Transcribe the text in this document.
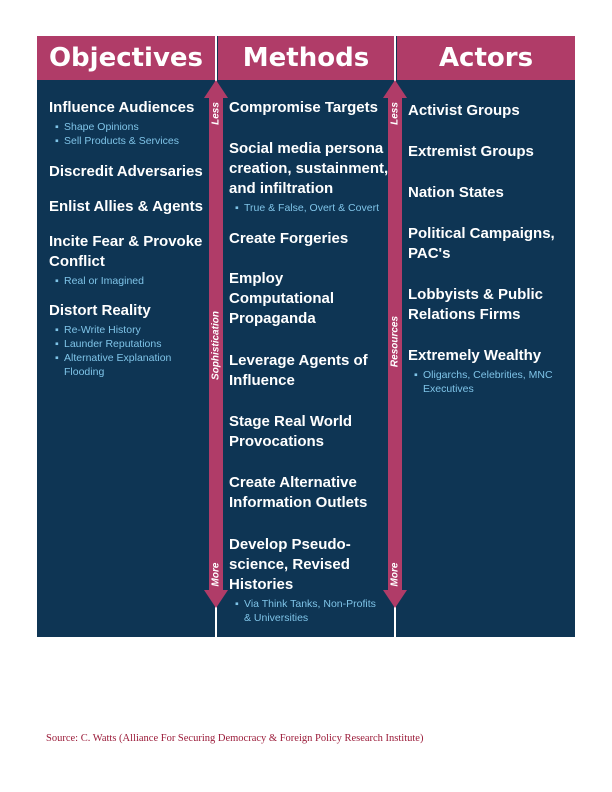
Objectives	Methods	Actors
Less
Sophistication
More
Less
Resources
More

Influence Audiences

▪ Shape Opinions
▪ Sell Products & Services

Discredit Adversaries

Enlist Allies & Agents

Incite Fear & Provoke Conflict

▪ Real or Imagined

Distort Reality

▪ Re-Write History
▪ Launder Reputations
▪ Alternative Explanation Flooding

Compromise Targets

Social media persona creation, sustainment, and infiltration

▪ True & False, Overt & Covert

Create Forgeries

Employ Computational Propaganda

Leverage Agents of Influence

Stage Real World Provocations

Create Alternative Information Outlets

Develop Pseudo-science, Revised Histories

▪ Via Think Tanks, Non-Profits & Universities

Activist Groups

Extremist Groups

Nation States

Political Campaigns, PAC's

Lobbyists & Public Relations Firms

Extremely Wealthy

▪ Oligarchs, Celebrities, MNC Executives
Source: C. Watts (Alliance For Securing Democracy & Foreign Policy Research Institute)
